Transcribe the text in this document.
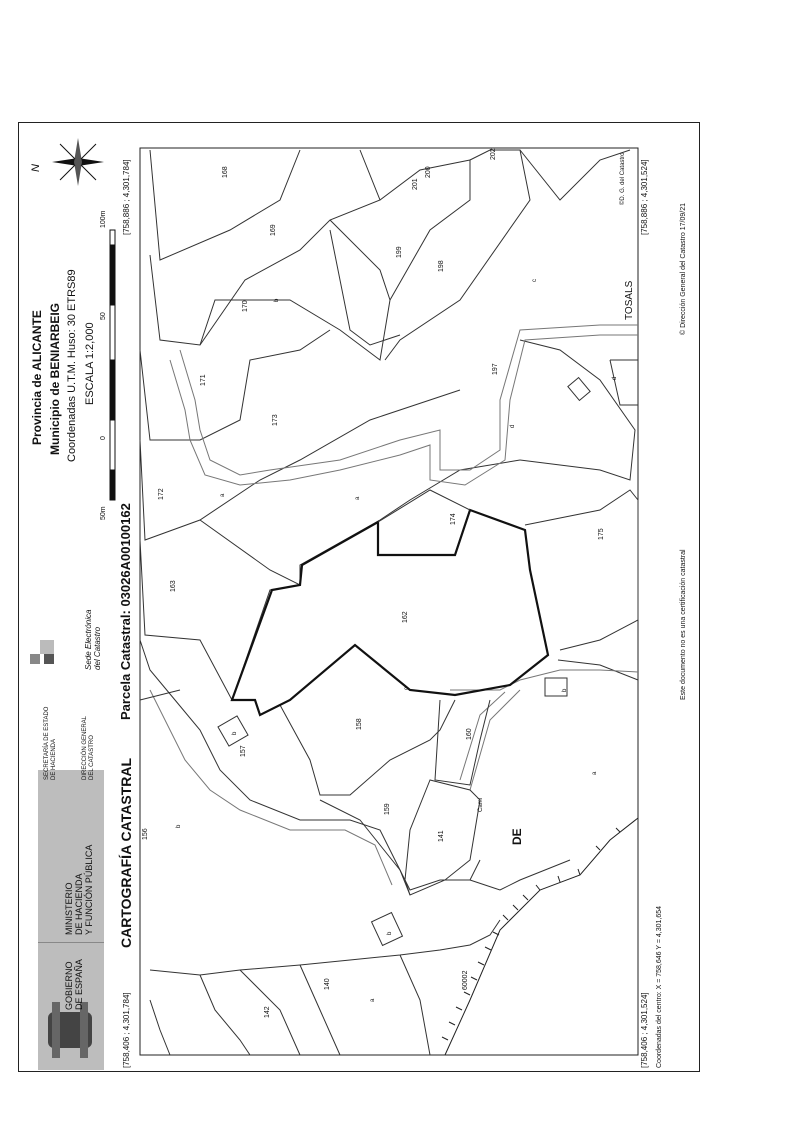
GOBIERNO DE ESPAÑA
MINISTERIO DE HACIENDA Y FUNCIÓN PÚBLICA
SECRETARÍA DE ESTADO DE HACIENDA	DIRECCIÓN GENERAL DEL CATASTRO
Sede Electrónica del Catastro
CARTOGRAFÍA CATASTRAL
Parcela Catastral: 03026A00100162
Provincia de ALICANTE Municipio de BENIARBEIG Coordenadas U.T.M. Huso: 30 ETRS89 ESCALA 1:2,000
50m
0
50
100m
N	[758,886 ; 4,301,784]
[758,406 ; 4,301,784]
[758,886 ; 4,301,524]
[758,406 ; 4,301,524]
©D. G. del Catastro
Este documento no es una certificación catastral
© Dirección General del Catastro 17/09/21
Coordenadas del centro: X = 758,646 Y = 4,301,654
168
169
170
171
172
173
174
175
162
163
157
158
159
160
141
140
142
156
197
198
199
200
201
202
TOSALS
DE
60002
Camí
b
a
a
a
a
d
d
c
b
c
b
b
b
